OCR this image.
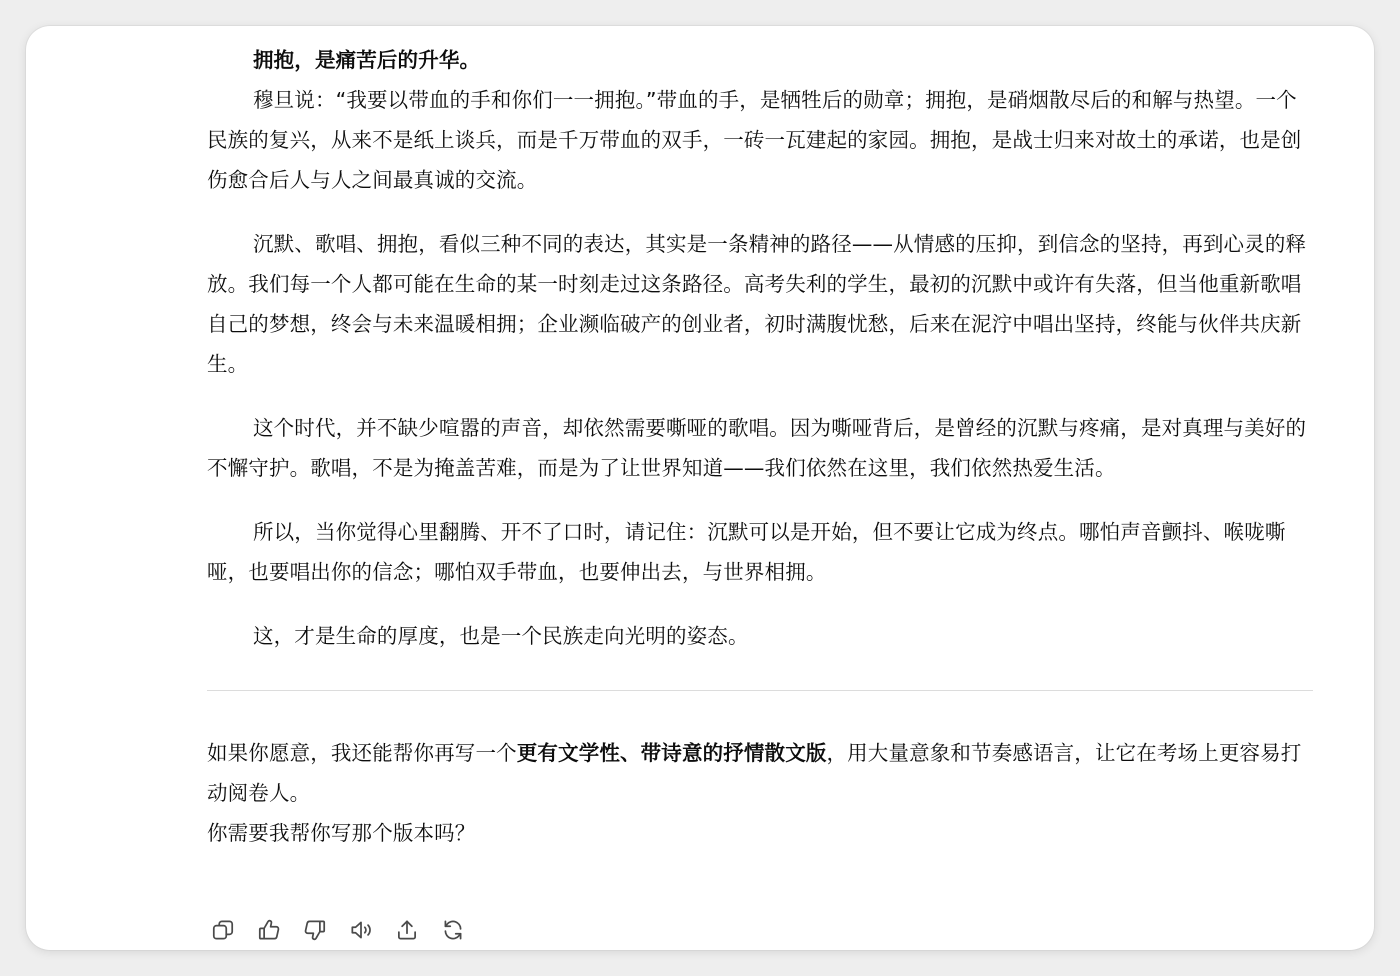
拥抱，是痛苦后的升华。

穆旦说：“我要以带血的手和你们一一拥抱。”带血的手，是牺牲后的勋章；拥抱，是硝烟散尽后的和解与热望。一个民族的复兴，从来不是纸上谈兵，而是千万带血的双手，一砖一瓦建起的家园。拥抱，是战士归来对故土的承诺，也是创伤愈合后人与人之间最真诚的交流。

沉默、歌唱、拥抱，看似三种不同的表达，其实是一条精神的路径——从情感的压抑，到信念的坚持，再到心灵的释放。我们每一个人都可能在生命的某一时刻走过这条路径。高考失利的学生，最初的沉默中或许有失落，但当他重新歌唱自己的梦想，终会与未来温暖相拥；企业濒临破产的创业者，初时满腹忧愁，后来在泥泞中唱出坚持，终能与伙伴共庆新生。

这个时代，并不缺少喧嚣的声音，却依然需要嘶哑的歌唱。因为嘶哑背后，是曾经的沉默与疼痛，是对真理与美好的不懈守护。歌唱，不是为掩盖苦难，而是为了让世界知道——我们依然在这里，我们依然热爱生活。

所以，当你觉得心里翻腾、开不了口时，请记住：沉默可以是开始，但不要让它成为终点。哪怕声音颤抖、喉咙嘶哑，也要唱出你的信念；哪怕双手带血，也要伸出去，与世界相拥。

这，才是生命的厚度，也是一个民族走向光明的姿态。

如果你愿意，我还能帮你再写一个更有文学性、带诗意的抒情散文版，用大量意象和节奏感语言，让它在考场上更容易打动阅卷人。

你需要我帮你写那个版本吗？
